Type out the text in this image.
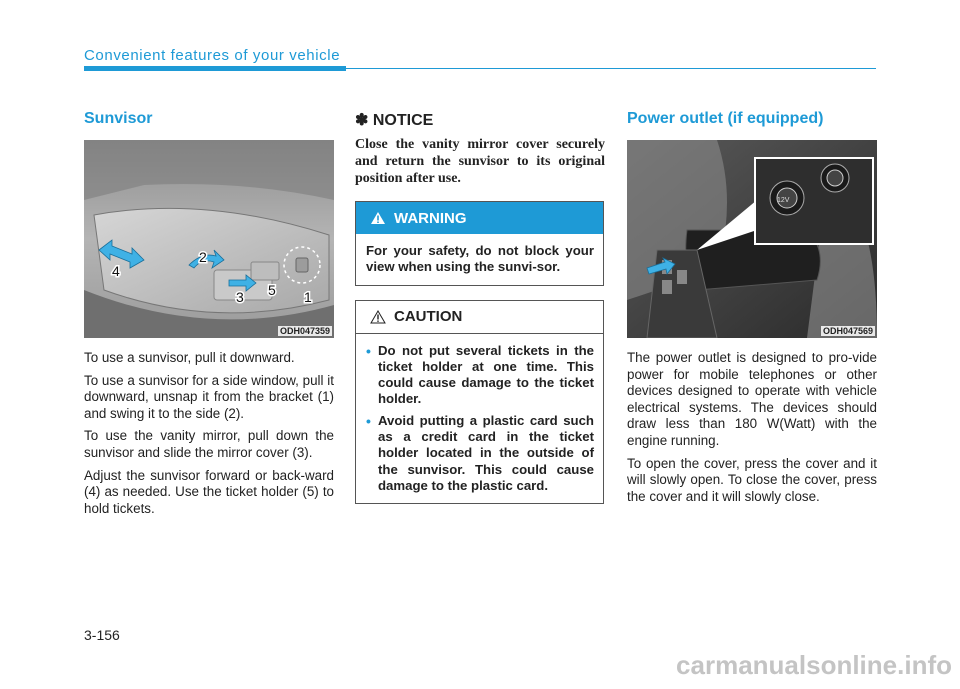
Convenient features of your vehicle
Sunvisor
1
2
3
4
5
ODH047359

To use a sunvisor, pull it downward.

To use a sunvisor for a side window, pull it downward, unsnap it from the bracket (1) and swing it to the side (2).

To use the vanity mirror, pull down the sunvisor and slide the mirror cover (3).

Adjust the sunvisor forward or back-ward (4) as needed. Use the ticket holder (5) to hold tickets.

✽ NOTICE
Close the vanity mirror cover securely and return the sunvisor to its original position after use.
WARNING
For your safety, do not block your view when using the sunvi-sor.
CAUTION
• Do not put several tickets in the ticket holder at one time. This could cause damage to the ticket holder.
• Avoid putting a plastic card such as a credit card in the ticket holder located in the outside of the sunvisor. This could cause damage to the plastic card.
Power outlet (if equipped)
12V
ODH047569

The power outlet is designed to pro-vide power for mobile telephones or other devices designed to operate with vehicle electrical systems. The devices should draw less than 180 W(Watt) with the engine running.

To open the cover, press the cover and it will slowly open. To close the cover, press the cover and it will slowly close.

3-156
carmanualsonline.info
